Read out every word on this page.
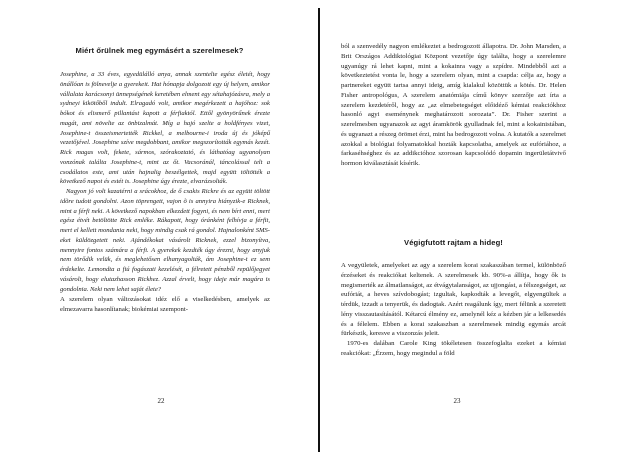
Miért őrülnek meg egymásért a szerelmesek?

Josephine, a 33 éves, egyedülálló anya, annak szentelte egész életét, hogy önállóan is fölnevelje a gyerekeit. Hat hónapja dolgozott egy új helyen, amikor vállalata karácsonyi ünnepségének keretében elment egy sétahajózásra, mely a sydneyi kikötőből indult. Elragadó volt, amikor megérkezett a hajóhoz: sok bókot és elismerő pillantást kapott a férfiaktól. Ettől gyönyörűnek érezte magát, ami növelte az önbizalmát. Míg a hajó szelte a holdfényes vizet, Josephine-t összeismertették Rickkel, a melbourne-i iroda új és jóképű vezetőjével. Josephine szíve megdobbant, amikor megszorították egymás kezét. Rick magas volt, fekete, sármos, szórakoztató, és láthatóag ugyanolyan vonzónak találta Josephine-t, mint az őt. Vacsoránál, táncolással telt a csodálatos este, ami után hajnalig beszélgettek, majd együtt töltötték a következő napot és estét is. Josephine úgy érezte, elvarázsolták.

Nagyon jó volt kazatérni a srácokhoz, de ő csakis Rickre és az együtt töltött idõre tudott gondolni. Azon töprengett, vajon õ is annyira hiányzik-e Ricknek, mint a férfi neki. A következő napokban elkezdett fogyni, és nem bírt enni, mert egész étvét betöltötte Rick emléke. Rákapott, hogy óránként felhívja a férfit, mert el kellett mondania neki, hogy mindig csak rá gondol. Hajnalonként SMS-eket küldözgetett neki. Ajándékokat vásárolt Ricknek, ezzel bizonyítva, mennyire fontos számára a férfi. A gyerekek kezdték úgy érezni, hogy anyjuk nem törődik velük, és meglehetősen elhanyagolták, ám Josephine-t ez sem érdekelte. Lemondta a fiú fogászati kezelését, a félretett pénzből repülőjegyet vásárolt, hogy elutazhasson Rickhez. Azzal érvelt, hogy ideje már magára is gondolnia. Neki nem lehet saját élete?

A szerelem olyan változásokat idéz elő a viselkedésben, amelyek az elmezavarra hasonlítanak; biokémiai szempont-

22

ból a szenvedély nagyon emlékeztet a bedrogozott állapotra. Dr. John Marsden, a Brit Országos Addiktológiai Központ vezetője úgy találta, hogy a szerelemre ugyanúgy rá lehet kapni, mint a kokainra vagy a szpídre. Mindebből azt a következtetést vonta le, hogy a szerelem olyan, mint a csapda: célja az, hogy a partnereket együtt tartsa annyi ideig, amíg kialakul közöttük a kötés. Dr. Helen Fisher antropológus, A szerelem anatómiája című könyv szerzője azt írta a szerelem kezdetéről, hogy az „az elmebetegséget előidéző kémiai reakciókhoz hasonló agyi eseménynek meghatározott sorozata”. Dr. Fisher szerint a szerelmesben ugyanazok az agyi áramkörök gyulladnak fel, mint a kokainistában, és ugyanazt a részeg örömet érzi, mint ha bedrogozott volna. A kutatók a szerelmet azokkal a biológiai folyamatokkal hozták kapcsolatba, amelyek az eufóriához, a farkaséhséghez és az addikcióhoz szorosan kapcsolódó dopamin ingerületátvivő hormon kiválasztását kísérik.

Végigfutott rajtam a hideg!

A vegyületek, amelyeket az agy a szerelem korai szakaszában termel, különböző érzéseket és reakciókat keltenek. A szerelmesek kb. 90%-a állítja, hogy ők is megismerték az álmatlanságot, az étvágytalanságot, az ujjongást, a félszegséget, az eufóriát, a heves szívdobogást; izgultak, kapkodták a levegőt, elgyengültek a térdük, izzadt a tenyerük, és dadogtak. Azért reagálunk így, mert félünk a szeretett lény visszautasításától. Kétarcú élmény ez, amelynél kéz a kézben jár a lelkesedés és a félelem. Ebben a korai szakaszban a szerelmesek mindig egymás arcát fürkészik, keresve a viszonzás jeleit.

1970-es dalában Carole King tökéletesen összefoglalta ezeket a kémiai reakciókat: „Érzem, hogy megindul a föld

23
